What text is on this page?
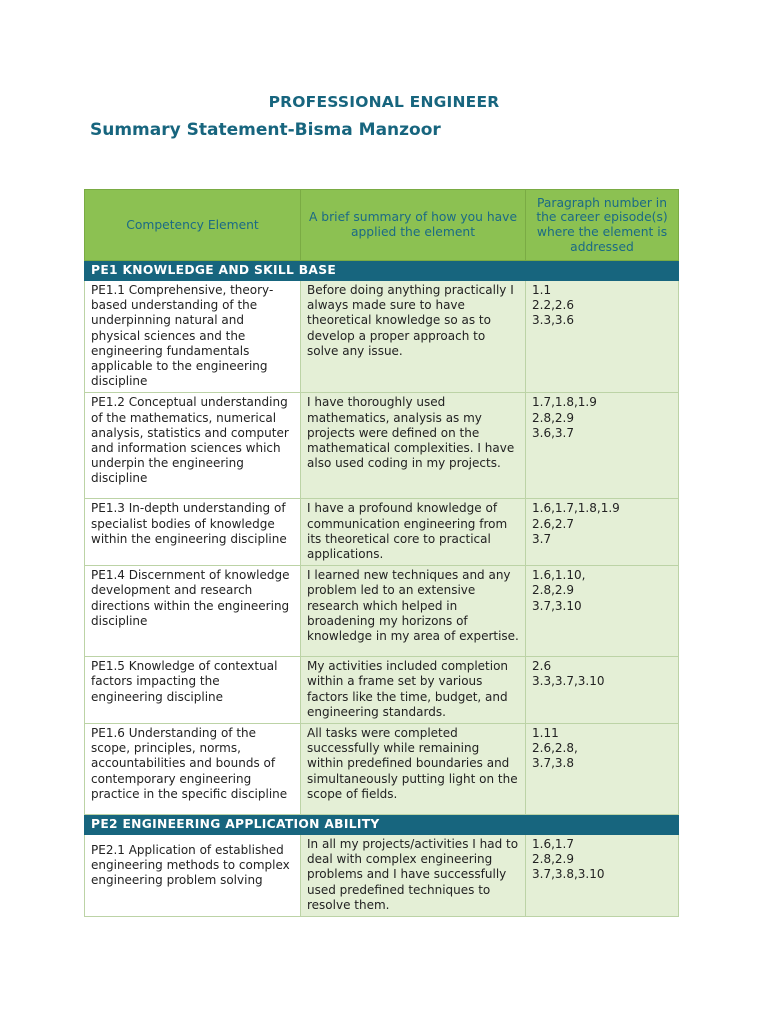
PROFESSIONAL ENGINEER
Summary Statement-Bisma Manzoor
Competency Element	A brief summary of how you have applied the element	Paragraph number in the career episode(s) where the element is addressed
PE1 KNOWLEDGE AND SKILL BASE		
PE1.1 Comprehensive, theory-based understanding of the underpinning natural and physical sciences and the engineering fundamentals applicable to the engineering discipline	Before doing anything practically I always made sure to have theoretical knowledge so as to develop a proper approach to solve any issue.	1.1
2.2,2.6
3.3,3.6

PE1.2 Conceptual understanding of the mathematics, numerical analysis, statistics and computer and information sciences which underpin the engineering discipline	I have thoroughly used mathematics, analysis as my projects were defined on the mathematical complexities. I have also used coding in my projects.	1.7,1.8,1.9
2.8,2.9
3.6,3.7

PE1.3 In-depth understanding of specialist bodies of knowledge within the engineering discipline	I have a profound knowledge of communication engineering from its theoretical core to practical applications.	1.6,1.7,1.8,1.9
2.6,2.7
3.7

PE1.4 Discernment of knowledge development and research directions within the engineering discipline	I learned new techniques and any problem led to an extensive research which helped in broadening my horizons of knowledge in my area of expertise.	1.6,1.10,
2.8,2.9
3.7,3.10

PE1.5 Knowledge of contextual factors impacting the engineering discipline	My activities included completion within a frame set by various factors like the time, budget, and engineering standards.	2.6
3.3,3.7,3.10

PE1.6 Understanding of the scope, principles, norms, accountabilities and bounds of contemporary engineering practice in the specific discipline	All tasks were completed successfully while remaining within predefined boundaries and simultaneously putting light on the scope of fields.	1.11
2.6,2.8,
3.7,3.8

PE2 ENGINEERING APPLICATION ABILITY		
PE2.1 Application of established engineering methods to complex engineering problem solving	In all my projects/activities I had to deal with complex engineering problems and I have successfully used predefined techniques to resolve them.	1.6,1.7
2.8,2.9
3.7,3.8,3.10
